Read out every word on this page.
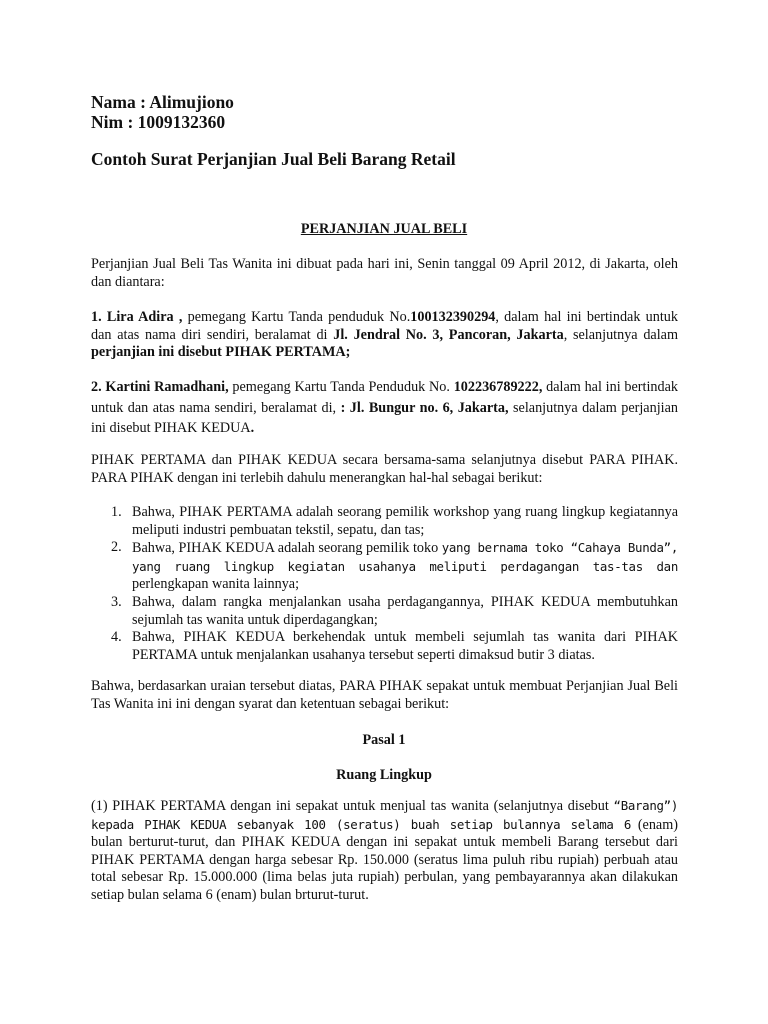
Nama : Alimujiono
Nim : 1009132360
Contoh Surat Perjanjian Jual Beli Barang Retail
PERJANJIAN JUAL BELI

Perjanjian Jual Beli Tas Wanita ini dibuat pada hari ini, Senin tanggal 09 April 2012, di Jakarta, oleh dan diantara:

1. Lira Adira , pemegang Kartu Tanda penduduk No.100132390294, dalam hal ini bertindak untuk dan atas nama diri sendiri, beralamat di Jl. Jendral No. 3, Pancoran, Jakarta, selanjutnya dalam perjanjian ini disebut PIHAK PERTAMA;

2. Kartini Ramadhani, pemegang Kartu Tanda Penduduk No. 102236789222, dalam hal ini bertindak untuk dan atas nama sendiri, beralamat di, : Jl. Bungur no. 6, Jakarta, selanjutnya dalam perjanjian ini disebut PIHAK KEDUA.

PIHAK PERTAMA dan PIHAK KEDUA secara bersama-sama selanjutnya disebut PARA PIHAK. PARA PIHAK dengan ini terlebih dahulu menerangkan hal-hal sebagai berikut:

1. Bahwa, PIHAK PERTAMA adalah seorang pemilik workshop yang ruang lingkup kegiatannya meliputi industri pembuatan tekstil, sepatu, dan tas;
2. Bahwa, PIHAK KEDUA adalah seorang pemilik toko yang bernama toko “Cahaya Bunda”, yang ruang lingkup kegiatan usahanya meliputi perdagangan tas-tas dan perlengkapan wanita lainnya;
3. Bahwa, dalam rangka menjalankan usaha perdagangannya, PIHAK KEDUA membutuhkan sejumlah tas wanita untuk diperdagangkan;
4. Bahwa, PIHAK KEDUA berkehendak untuk membeli sejumlah tas wanita dari PIHAK PERTAMA untuk menjalankan usahanya tersebut seperti dimaksud butir 3 diatas.

Bahwa, berdasarkan uraian tersebut diatas, PARA PIHAK sepakat untuk membuat Perjanjian Jual Beli Tas Wanita ini ini dengan syarat dan ketentuan sebagai berikut:

Pasal 1
Ruang Lingkup

(1) PIHAK PERTAMA dengan ini sepakat untuk menjual tas wanita (selanjutnya disebut “Barang”) kepada PIHAK KEDUA sebanyak 100 (seratus) buah setiap bulannya selama 6 (enam) bulan berturut-turut, dan PIHAK KEDUA dengan ini sepakat untuk membeli Barang tersebut dari PIHAK PERTAMA dengan harga sebesar Rp. 150.000 (seratus lima puluh ribu rupiah) perbuah atau total sebesar Rp. 15.000.000 (lima belas juta rupiah) perbulan, yang pembayarannya akan dilakukan setiap bulan selama 6 (enam) bulan brturut-turut.
